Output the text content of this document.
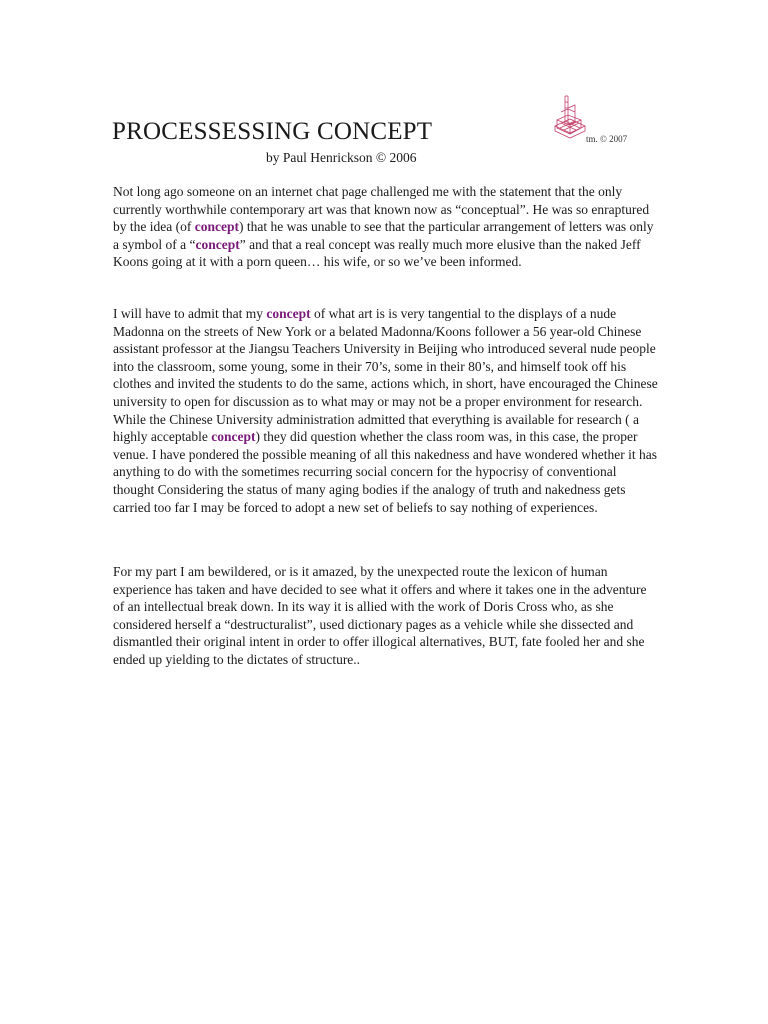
tm. © 2007
PROCESSESSING CONCEPT
by Paul Henrickson © 2006

Not long ago someone on an internet chat page challenged me with the statement that the only currently worthwhile contemporary art was that known now as “conceptual”. He was so enraptured by the idea (of concept) that he was unable to see that the particular arrangement of letters was only a symbol of a “concept” and that a real concept was really much more elusive than the naked Jeff Koons going at it with a porn queen… his wife, or so we’ve been informed.

I will have to admit that my concept of what art is is very tangential to the displays of a nude Madonna on the streets of New York or a belated Madonna/Koons follower a 56 year-old Chinese assistant professor at the Jiangsu Teachers University in Beijing who introduced several nude people into the classroom, some young, some in their 70’s, some in their 80’s, and himself took off his clothes and invited the students to do the same, actions which, in short, have encouraged the Chinese university to open for discussion as to what may or may not be a proper environment for research. While the Chinese University administration admitted that everything is available for research ( a highly acceptable concept) they did question whether the class room was, in this case, the proper venue. I have pondered the possible meaning of all this nakedness and have wondered whether it has anything to do with the sometimes recurring social concern for the hypocrisy of conventional thought Considering the status of many aging bodies if the analogy of truth and nakedness gets carried too far I may be forced to adopt a new set of beliefs to say nothing of experiences.

For my part I am bewildered, or is it amazed, by the unexpected route the lexicon of human experience has taken and have decided to see what it offers and where it takes one in the adventure of an intellectual break down. In its way it is allied with the work of Doris Cross who, as she considered herself a “destructuralist”, used dictionary pages as a vehicle while she dissected and dismantled their original intent in order to offer illogical alternatives, BUT, fate fooled her and she ended up yielding to the dictates of structure..
